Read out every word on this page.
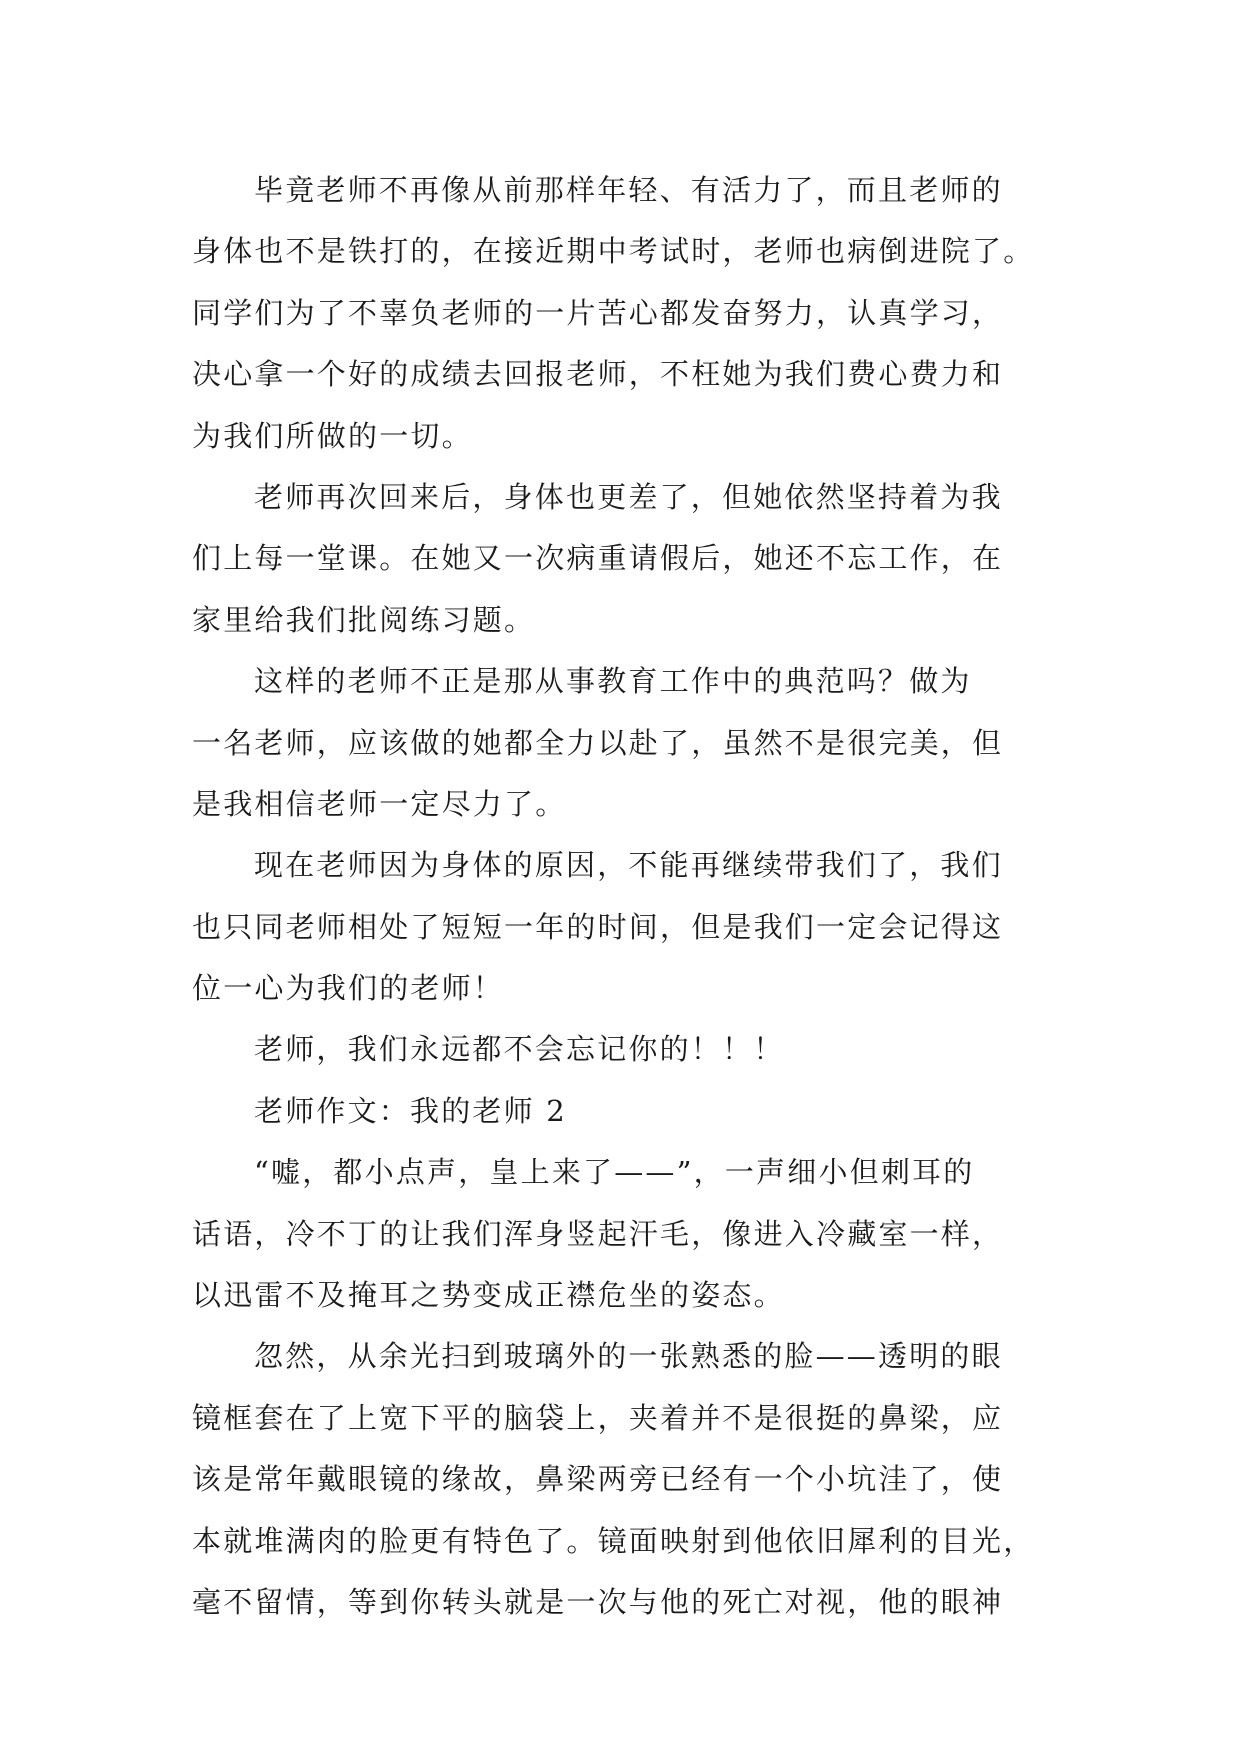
毕竟老师不再像从前那样年轻、有活力了，而且老师的
身体也不是铁打的，在接近期中考试时，老师也病倒进院了。
同学们为了不辜负老师的一片苦心都发奋努力，认真学习，
决心拿一个好的成绩去回报老师，不枉她为我们费心费力和
为我们所做的一切。
老师再次回来后，身体也更差了，但她依然坚持着为我
们上每一堂课。在她又一次病重请假后，她还不忘工作，在
家里给我们批阅练习题。
这样的老师不正是那从事教育工作中的典范吗？做为
一名老师，应该做的她都全力以赴了，虽然不是很完美，但
是我相信老师一定尽力了。
现在老师因为身体的原因，不能再继续带我们了，我们
也只同老师相处了短短一年的时间，但是我们一定会记得这
位一心为我们的老师！
老师，我们永远都不会忘记你的！！！
老师作文：我的老师 2
“嘘，都小点声，皇上来了——”，一声细小但刺耳的
话语，冷不丁的让我们浑身竖起汗毛，像进入冷藏室一样，
以迅雷不及掩耳之势变成正襟危坐的姿态。
忽然，从余光扫到玻璃外的一张熟悉的脸——透明的眼
镜框套在了上宽下平的脑袋上，夹着并不是很挺的鼻梁，应
该是常年戴眼镜的缘故，鼻梁两旁已经有一个小坑洼了，使
本就堆满肉的脸更有特色了。镜面映射到他依旧犀利的目光，
毫不留情，等到你转头就是一次与他的死亡对视，他的眼神
